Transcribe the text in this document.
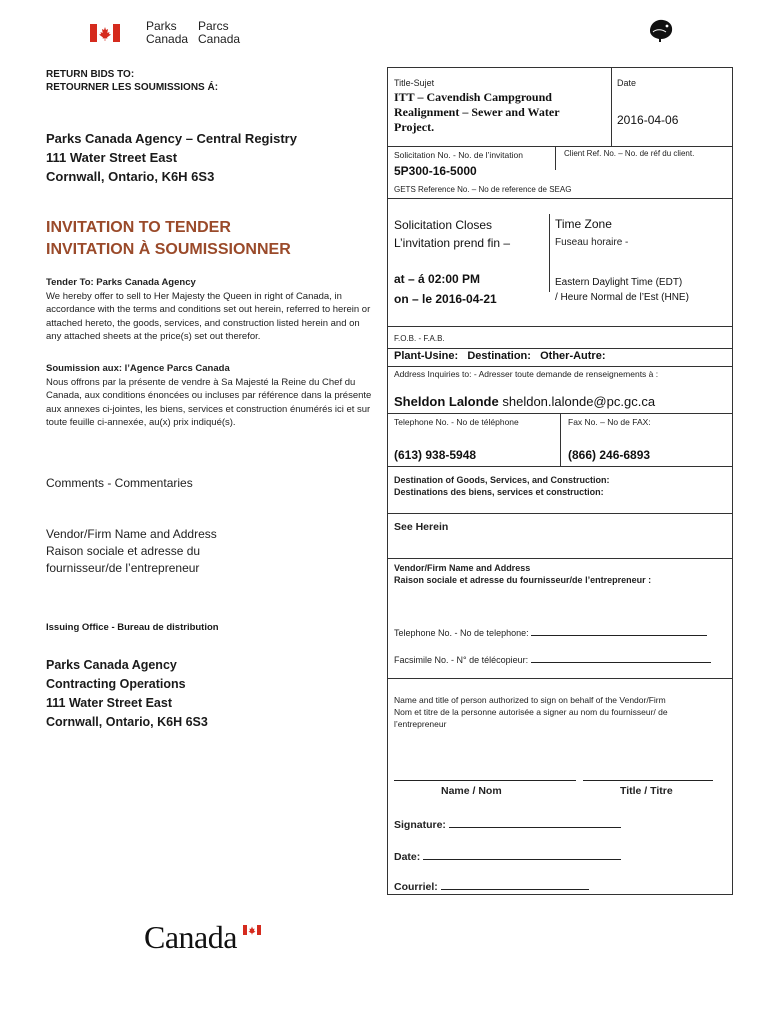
Parks
Canada
Parcs
Canada
RETURN BIDS TO:
RETOURNER LES SOUMISSIONS Á:
Parks Canada Agency – Central Registry
111 Water Street East
Cornwall, Ontario, K6H 6S3
INVITATION TO TENDER
INVITATION À SOUMISSIONNER
Tender To: Parks Canada Agency
We hereby offer to sell to Her Majesty the Queen in right of Canada, in accordance with the terms and conditions set out herein, referred to herein or attached hereto, the goods, services, and construction listed herein and on any attached sheets at the price(s) set out therefor.
Soumission aux: l’Agence Parcs Canada
Nous offrons par la présente de vendre à Sa Majesté la Reine du Chef du Canada, aux conditions énoncées ou incluses par référence dans la présente aux annexes ci-jointes, les biens, services et construction énumérés ici et sur toute feuille ci-annexée, au(x) prix indiqué(s).
Comments - Commentaries
Vendor/Firm Name and Address
Raison sociale et adresse du
fournisseur/de l’entrepreneur
Issuing Office - Bureau de distribution
Parks Canada Agency
Contracting Operations
111 Water Street East
Cornwall, Ontario, K6H 6S3
Title-Sujet
ITT – Cavendish Campground Realignment – Sewer and Water Project.
Date
2016-04-06
Solicitation No. - No. de l’invitation	Client Ref. No. – No. de réf du client.
5P300-16-5000
GETS Reference No. – No de reference de SEAG
Solicitation Closes
L’invitation prend fin –
Time Zone
Fuseau horaire -
at – á 02:00 PM
on – le 2016-04-21
Eastern Daylight Time (EDT)
/ Heure Normal de l’Est (HNE)
F.O.B. - F.A.B.
Plant-Usine:   Destination:   Other-Autre:
Address Inquiries to: - Adresser toute demande de renseignements à :
Sheldon Lalonde sheldon.lalonde@pc.gc.ca
Telephone No. - No de téléphone	Fax No. – No de FAX:
(613) 938-5948	(866) 246-6893
Destination of Goods, Services, and Construction:
Destinations des biens, services et construction:
See Herein
Vendor/Firm Name and Address
Raison sociale et adresse du fournisseur/de l’entrepreneur :
Telephone No. - No de telephone:
Facsimile No. - N° de télécopieur:
Name and title of person authorized to sign on behalf of the Vendor/Firm
Nom et titre de la personne autorisée a signer au nom du fournisseur/ de
l’entrepreneur
Name / Nom	Title / Titre
Signature:
Date:
Courriel:
Canada
